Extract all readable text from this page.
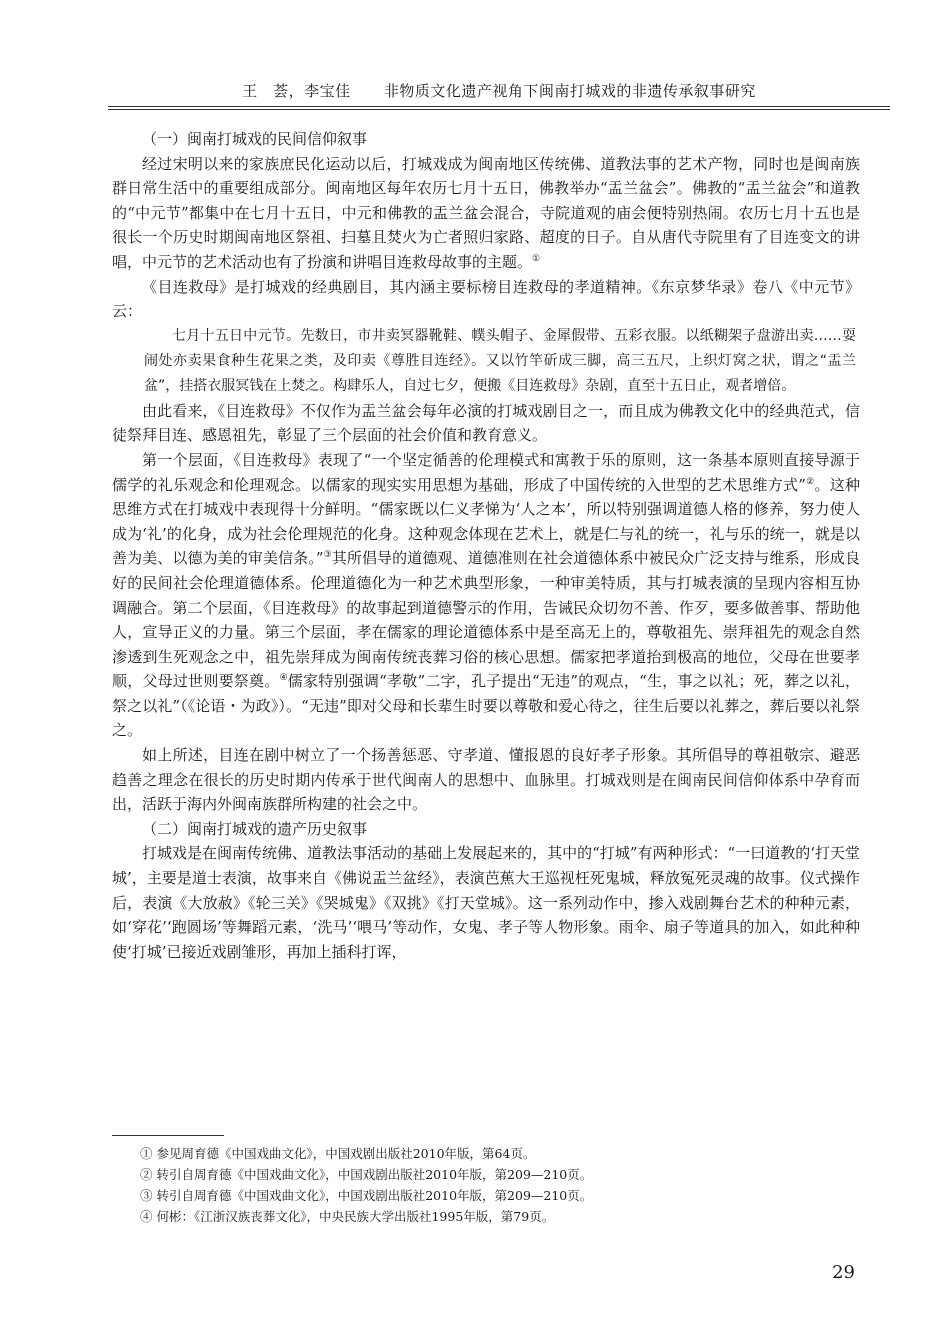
王　荟，李宝佳 非物质文化遗产视角下闽南打城戏的非遗传承叙事研究

（一）闽南打城戏的民间信仰叙事

经过宋明以来的家族庶民化运动以后，打城戏成为闽南地区传统佛、道教法事的艺术产物，同时也是闽南族群日常生活中的重要组成部分。闽南地区每年农历七月十五日，佛教举办“盂兰盆会”。佛教的“盂兰盆会”和道教的“中元节”都集中在七月十五日，中元和佛教的盂兰盆会混合，寺院道观的庙会便特别热闹。农历七月十五也是很长一个历史时期闽南地区祭祖、扫墓且焚火为亡者照归家路、超度的日子。自从唐代寺院里有了目连变文的讲唱，中元节的艺术活动也有了扮演和讲唱目连救母故事的主题。①

《目连救母》是打城戏的经典剧目，其内涵主要标榜目连救母的孝道精神。《东京梦华录》卷八《中元节》云：

七月十五日中元节。先数日，市井卖冥器靴鞋、幞头帽子、金犀假带、五彩衣服。以纸糊架子盘游出卖……耍闹处亦卖果食种生花果之类，及印卖《尊胜目连经》。又以竹竿斫成三脚，高三五尺，上织灯窝之状，谓之“盂兰盆”，挂搭衣服冥钱在上焚之。构肆乐人，自过七夕，便搬《目连救母》杂剧，直至十五日止，观者增倍。

由此看来，《目连救母》不仅作为盂兰盆会每年必演的打城戏剧目之一，而且成为佛教文化中的经典范式，信徒祭拜目连、感恩祖先，彰显了三个层面的社会价值和教育意义。

第一个层面，《目连救母》表现了“一个坚定循善的伦理模式和寓教于乐的原则，这一条基本原则直接导源于儒学的礼乐观念和伦理观念。以儒家的现实实用思想为基础，形成了中国传统的入世型的艺术思维方式”②。这种思维方式在打城戏中表现得十分鲜明。“儒家既以仁义孝悌为‘人之本’，所以特别强调道德人格的修养，努力使人成为‘礼’的化身，成为社会伦理规范的化身。这种观念体现在艺术上，就是仁与礼的统一，礼与乐的统一，就是以善为美、以德为美的审美信条。”③其所倡导的道德观、道德准则在社会道德体系中被民众广泛支持与维系，形成良好的民间社会伦理道德体系。伦理道德化为一种艺术典型形象，一种审美特质，其与打城表演的呈现内容相互协调融合。第二个层面，《目连救母》的故事起到道德警示的作用，告诫民众切勿不善、作歹，要多做善事、帮助他人，宣导正义的力量。第三个层面，孝在儒家的理论道德体系中是至高无上的，尊敬祖先、崇拜祖先的观念自然渗透到生死观念之中，祖先崇拜成为闽南传统丧葬习俗的核心思想。儒家把孝道抬到极高的地位，父母在世要孝顺，父母过世则要祭奠。④儒家特别强调“孝敬”二字，孔子提出“无违”的观点，“生，事之以礼；死，葬之以礼，祭之以礼”（《论语・为政》）。“无违”即对父母和长辈生时要以尊敬和爱心待之，往生后要以礼葬之，葬后要以礼祭之。

如上所述，目连在剧中树立了一个扬善惩恶、守孝道、懂报恩的良好孝子形象。其所倡导的尊祖敬宗、避恶趋善之理念在很长的历史时期内传承于世代闽南人的思想中、血脉里。打城戏则是在闽南民间信仰体系中孕育而出，活跃于海内外闽南族群所构建的社会之中。

（二）闽南打城戏的遗产历史叙事

打城戏是在闽南传统佛、道教法事活动的基础上发展起来的，其中的“打城”有两种形式：“一曰道教的‘打天堂城’，主要是道士表演，故事来自《佛说盂兰盆经》，表演芭蕉大王巡视枉死鬼城，释放冤死灵魂的故事。仪式操作后，表演《大放赦》《轮三关》《哭城鬼》《双挑》《打天堂城》。这一系列动作中，掺入戏剧舞台艺术的种种元素，如‘穿花’‘跑圆场’等舞蹈元素，‘洗马’‘喂马’等动作，女鬼、孝子等人物形象。雨伞、扇子等道具的加入，如此种种使‘打城’已接近戏剧雏形，再加上插科打诨，

① 参见周育德《中国戏曲文化》，中国戏剧出版社2010年版，第64页。
② 转引自周育德《中国戏曲文化》，中国戏剧出版社2010年版，第209—210页。
③ 转引自周育德《中国戏曲文化》，中国戏剧出版社2010年版，第209—210页。
④ 何彬：《江浙汉族丧葬文化》，中央民族大学出版社1995年版，第79页。
29
